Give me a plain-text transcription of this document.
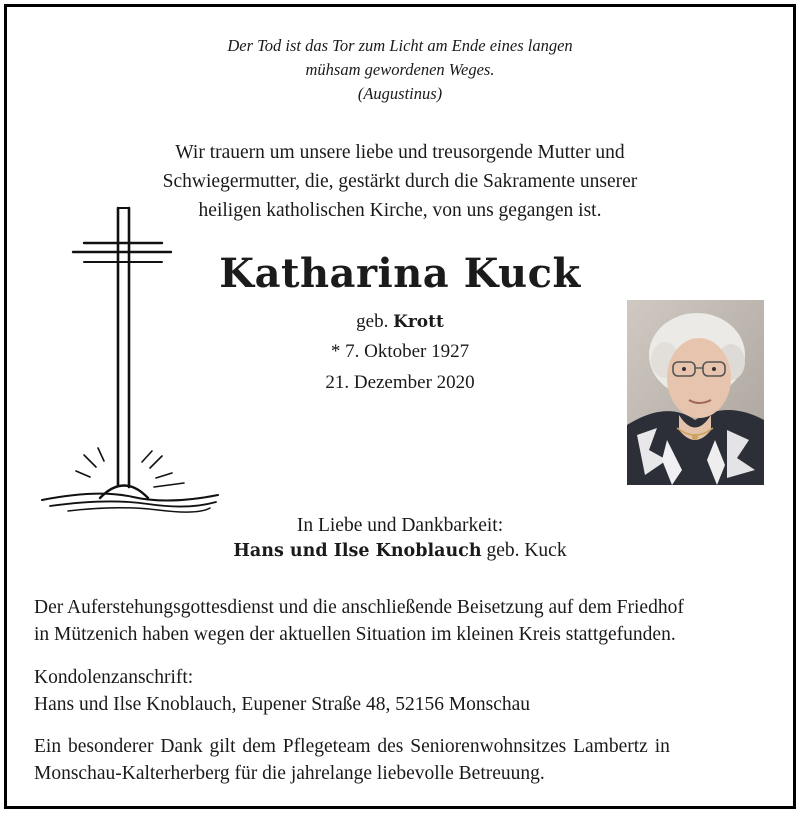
Der Tod ist das Tor zum Licht am Ende eines langen
mühsam gewordenen Weges.
(Augustinus)
Wir trauern um unsere liebe und treusorgende Mutter und
Schwiegermutter, die, gestärkt durch die Sakramente unserer
heiligen katholischen Kirche, von uns gegangen ist.
Katharina Kuck
geb. Krott
* 7. Oktober 1927
21. Dezember 2020
In Liebe und Dankbarkeit:
Hans und Ilse Knoblauch geb. Kuck
Der Auferstehungsgottesdienst und die anschließende Beisetzung auf dem Friedhof
in Mützenich haben wegen der aktuellen Situation im kleinen Kreis stattgefunden.
Kondolenzanschrift:
Hans und Ilse Knoblauch, Eupener Straße 48, 52156 Monschau
Ein besonderer Dank gilt dem Pflegeteam des Seniorenwohnsitzes Lambertz in
Monschau-Kalterherberg für die jahrelange liebevolle Betreuung.
